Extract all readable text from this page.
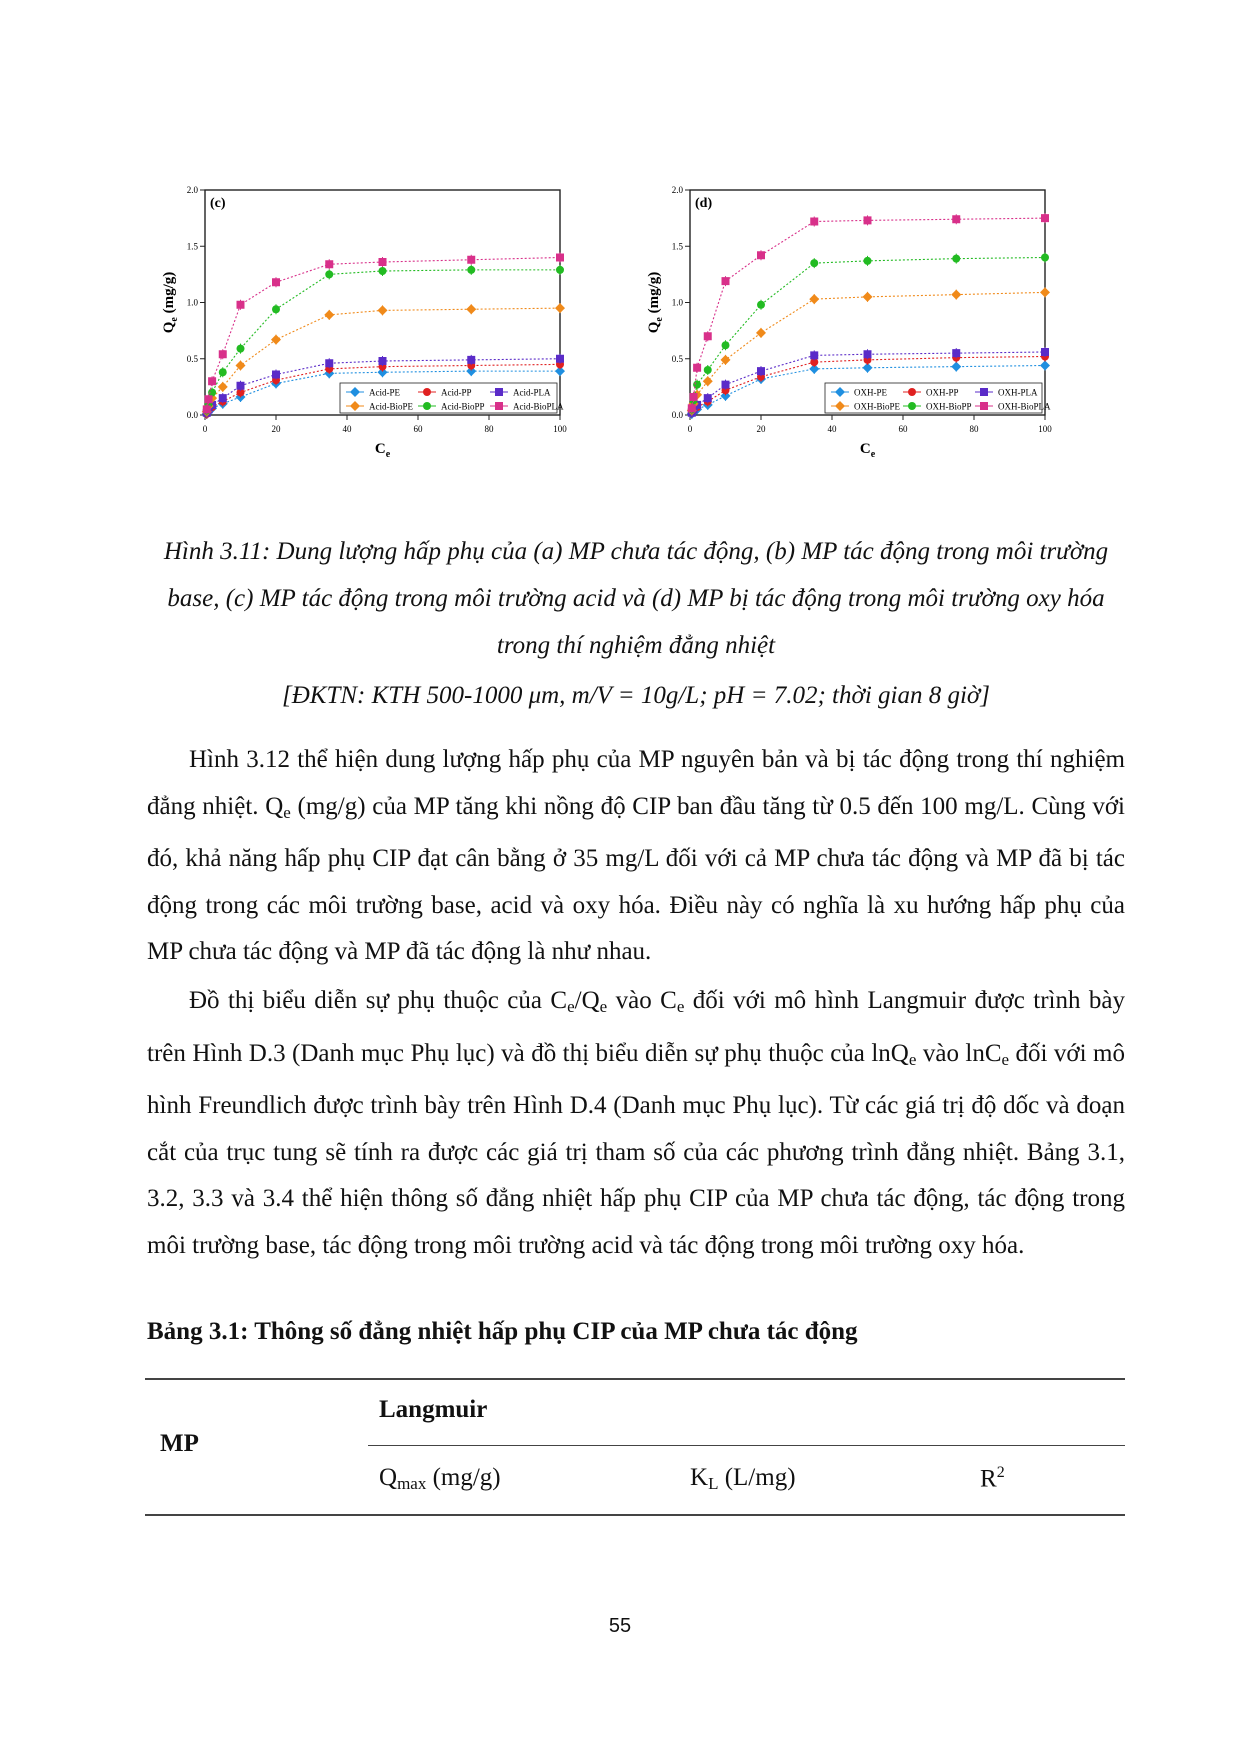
0	20	40	60	80	100
0.0
0.5
1.0
1.5
2.0
(c)
$C_e$
$Q_e$ (mg/g)
Acid-PE	Acid-PP	Acid-PLA
Acid-BioPE	Acid-BioPP	Acid-BioPLA
0	20	40	60	80	100
0.0
0.5
1.0
1.5
2.0
(d)
$C_e$
$Q_e$ (mg/g)
OXH-PE	OXH-PP	OXH-PLA
OXH-BioPE	OXH-BioPP	OXH-BioPLA
Hình 3.11: Dung lượng hấp phụ của (a) MP chưa tác động, (b) MP tác động trong môi trường base, (c) MP tác động trong môi trường acid và (d) MP bị tác động trong môi trường oxy hóa trong thí nghiệm đẳng nhiệt
[ĐKTN: KTH 500-1000 μm, m/V = 10g/L; pH = 7.02; thời gian 8 giờ]

Hình 3.12 thể hiện dung lượng hấp phụ của MP nguyên bản và bị tác động trong thí nghiệm đẳng nhiệt. $Q_e$ (mg/g) của MP tăng khi nồng độ CIP ban đầu tăng từ 0.5 đến 100 mg/L. Cùng với đó, khả năng hấp phụ CIP đạt cân bằng ở 35 mg/L đối với cả MP chưa tác động và MP đã bị tác động trong các môi trường base, acid và oxy hóa. Điều này có nghĩa là xu hướng hấp phụ của MP chưa tác động và MP đã tác động là như nhau.

Đồ thị biểu diễn sự phụ thuộc của $C_e/Q_e$ vào $C_e$ đối với mô hình Langmuir được trình bày trên Hình D.3 (Danh mục Phụ lục) và đồ thị biểu diễn sự phụ thuộc của lnQ$_e$ vào lnC$_e$ đối với mô hình Freundlich được trình bày trên Hình D.4 (Danh mục Phụ lục). Từ các giá trị độ dốc và đoạn cắt của trục tung sẽ tính ra được các giá trị tham số của các phương trình đẳng nhiệt. Bảng 3.1, 3.2, 3.3 và 3.4 thể hiện thông số đẳng nhiệt hấp phụ CIP của MP chưa tác động, tác động trong môi trường base, tác động trong môi trường acid và tác động trong môi trường oxy hóa.

Bảng 3.1: Thông số đẳng nhiệt hấp phụ CIP của MP chưa tác động
MP
Langmuir
$Q_{max}$ (mg/g)	$K_L$ (L/mg)	$R^2$
55
